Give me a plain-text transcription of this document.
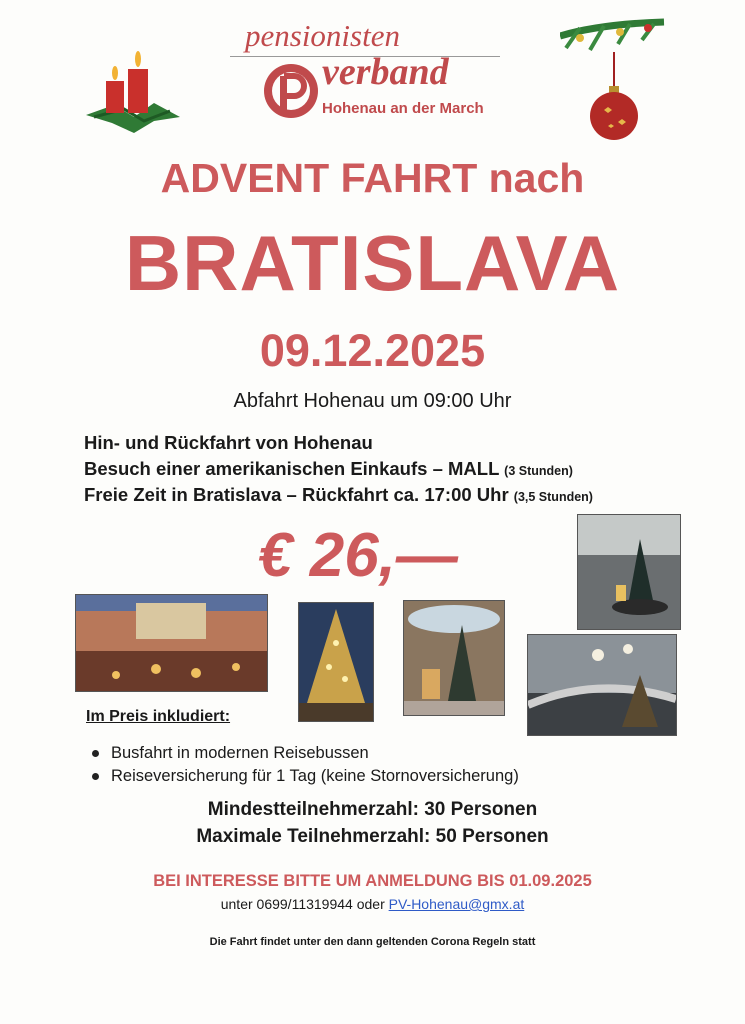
pensionisten
verband
Hohenau an der March
ADVENT FAHRT nach
BRATISLAVA
09.12.2025
Abfahrt Hohenau um 09:00 Uhr
Hin- und Rückfahrt von Hohenau
Besuch einer amerikanischen Einkaufs – MALL (3 Stunden)
Freie Zeit in Bratislava – Rückfahrt ca. 17:00 Uhr (3,5 Stunden)
€ 26,—
Im Preis inkludiert:
Busfahrt in modernen Reisebussen
Reiseversicherung für 1 Tag (keine Stornoversicherung)
Mindestteilnehmerzahl: 30 Personen
Maximale Teilnehmerzahl: 50 Personen
BEI INTERESSE BITTE UM ANMELDUNG BIS 01.09.2025
unter 0699/11319944 oder PV-Hohenau@gmx.at
Die Fahrt findet unter den dann geltenden Corona Regeln statt
